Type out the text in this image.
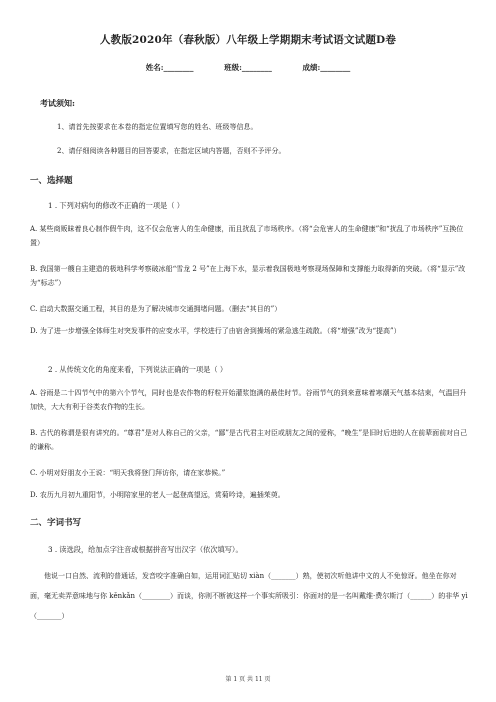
人教版2020年（春秋版）八年级上学期期末考试语文试题D卷
姓名:________	班级:________	成绩:________
考试须知:
1、请首先按要求在本卷的指定位置填写您的姓名、班级等信息。
2、请仔细阅读各种题目的回答要求，在指定区域内答题，否则不予评分。
一、选择题
1 . 下列对病句的修改不正确的一项是（ ）
A. 某些商贩昧着良心制作假牛肉，这不仅会危害人的生命健康，而且扰乱了市场秩序。（将“会危害人的生命健康”和“扰乱了市场秩序”互换位置）
B. 我国第一艘自主建造的极地科学考察破冰船“雪龙 2 号”在上海下水，显示着我国极地考察现场保障和支撑能力取得新的突破。（将“显示”改为“标志”）
C. 启动大数据交通工程，其目的是为了解决城市交通拥堵问题。（删去“其目的”）
D. 为了进一步增强全体师生对突发事件的应变水平，学校进行了由宿舍到操场的紧急逃生疏散。（将“增强”改为“提高”）
2 . 从传统文化的角度来看，下列说法正确的一项是（ ）
A. 谷雨是二十四节气中的第六个节气，同时也是农作物的籽粒开始灌浆饱满的最佳时节。谷雨节气的到来意味着寒潮天气基本结束，气温回升加快，大大有利于谷类农作物的生长。
B. 古代的称谓是很有讲究的。“尊君”是对人称自己的父亲，“鄙”是古代君主对臣或朋友之间的爱称，“晚生”是旧时后进的人在前辈面前对自己的谦称。
C. 小明对好朋友小王说：“明天我将登门拜访你，请在家恭候。”
D. 农历九月初九重阳节，小明陪家里的老人一起登高望远，赏菊吟诗，遍插茱萸。
二、字词书写
3 . 读选段，给加点字注音或根据拼音写出汉字（依次填写）。
他说一口自然、流利的普通话，发音咬字准确自如，运用词汇贴切 xiàn（_______）熟，使初次听他讲中文的人不免惊讶。他坐在你对面，毫无卖弄意味地与你 kěnkǎn（________）而谈，你则不断被这样一个事实所吸引：你面对的是一名叫戴维·费尔斯汀（______）的非华 yì（_______）
第 1 页 共 11 页
